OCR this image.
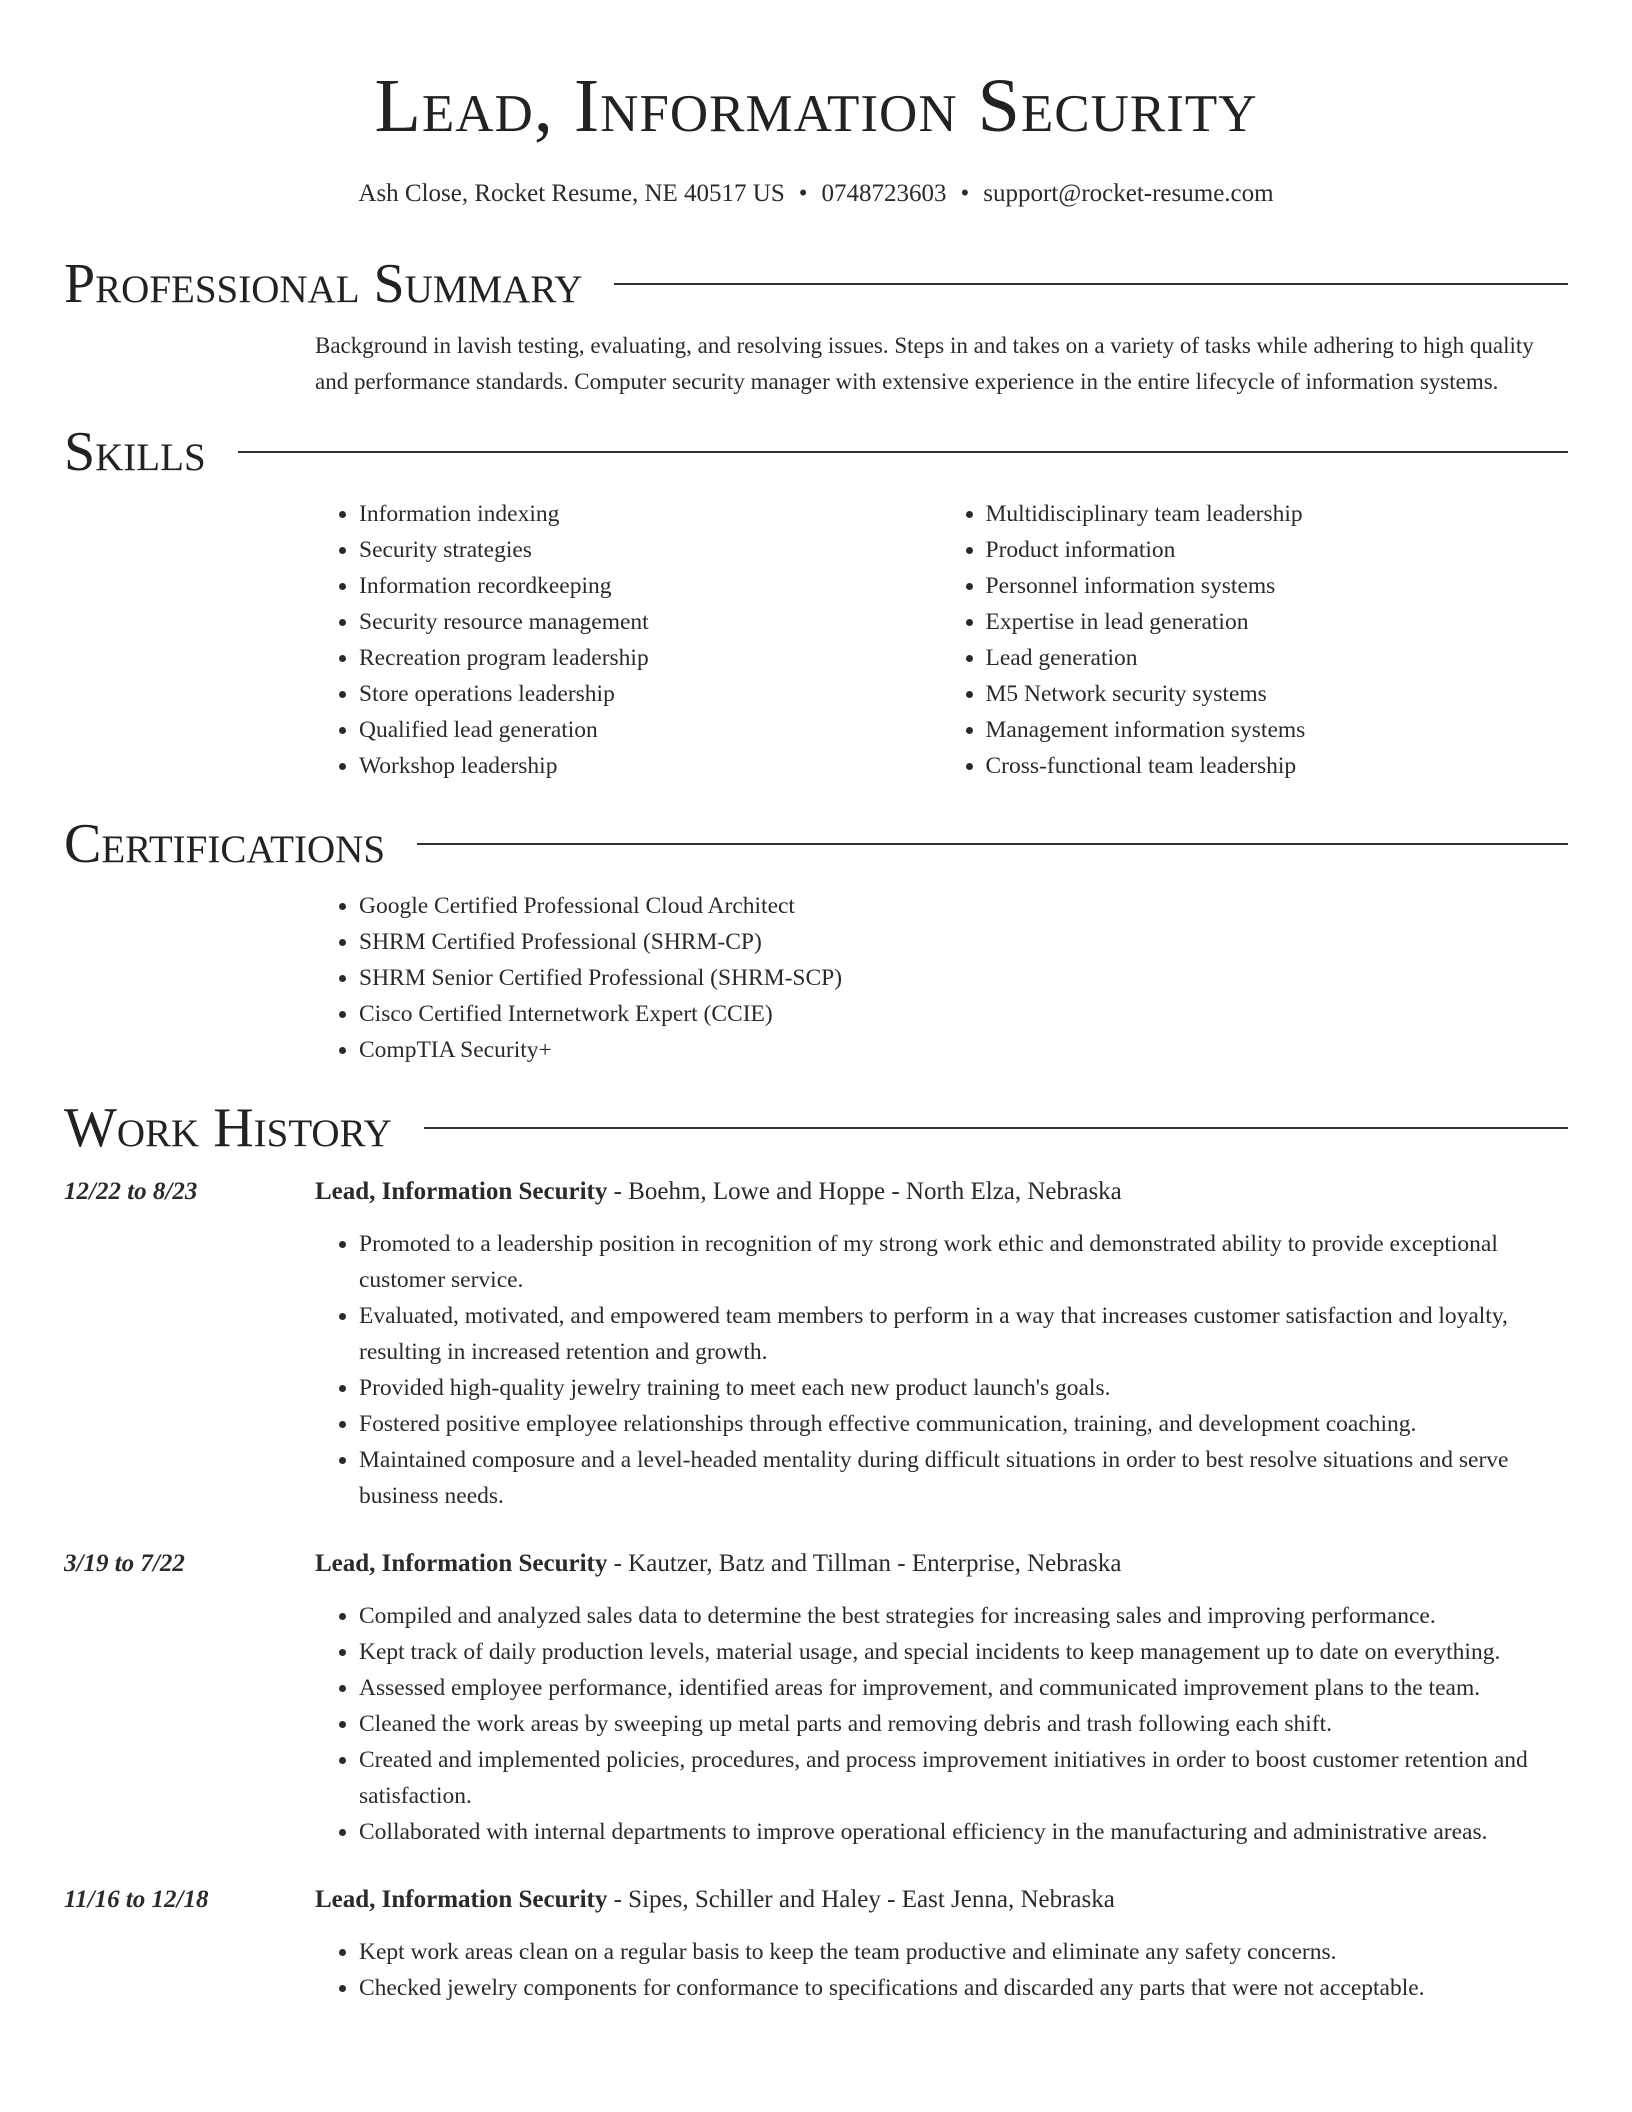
Lead, Information Security
Ash Close, Rocket Resume, NE 40517 US • 0748723603 • support@rocket-resume.com
Professional Summary
Background in lavish testing, evaluating, and resolving issues. Steps in and takes on a variety of tasks while adhering to high quality and performance standards. Computer security manager with extensive experience in the entire lifecycle of information systems.
Skills
• Information indexing
• Security strategies
• Information recordkeeping
• Security resource management
• Recreation program leadership
• Store operations leadership
• Qualified lead generation
• Workshop leadership
• Multidisciplinary team leadership
• Product information
• Personnel information systems
• Expertise in lead generation
• Lead generation
• M5 Network security systems
• Management information systems
• Cross-functional team leadership
Certifications
• Google Certified Professional Cloud Architect
• SHRM Certified Professional (SHRM-CP)
• SHRM Senior Certified Professional (SHRM-SCP)
• Cisco Certified Internetwork Expert (CCIE)
• CompTIA Security+
Work History
12/22 to 8/23	Lead, Information Security - Boehm, Lowe and Hoppe - North Elza, Nebraska
• Promoted to a leadership position in recognition of my strong work ethic and demonstrated ability to provide exceptional customer service.
• Evaluated, motivated, and empowered team members to perform in a way that increases customer satisfaction and loyalty, resulting in increased retention and growth.
• Provided high-quality jewelry training to meet each new product launch's goals.
• Fostered positive employee relationships through effective communication, training, and development coaching.
• Maintained composure and a level-headed mentality during difficult situations in order to best resolve situations and serve business needs.
3/19 to 7/22	Lead, Information Security - Kautzer, Batz and Tillman - Enterprise, Nebraska
• Compiled and analyzed sales data to determine the best strategies for increasing sales and improving performance.
• Kept track of daily production levels, material usage, and special incidents to keep management up to date on everything.
• Assessed employee performance, identified areas for improvement, and communicated improvement plans to the team.
• Cleaned the work areas by sweeping up metal parts and removing debris and trash following each shift.
• Created and implemented policies, procedures, and process improvement initiatives in order to boost customer retention and satisfaction.
• Collaborated with internal departments to improve operational efficiency in the manufacturing and administrative areas.
11/16 to 12/18	Lead, Information Security - Sipes, Schiller and Haley - East Jenna, Nebraska
• Kept work areas clean on a regular basis to keep the team productive and eliminate any safety concerns.
• Checked jewelry components for conformance to specifications and discarded any parts that were not acceptable.
